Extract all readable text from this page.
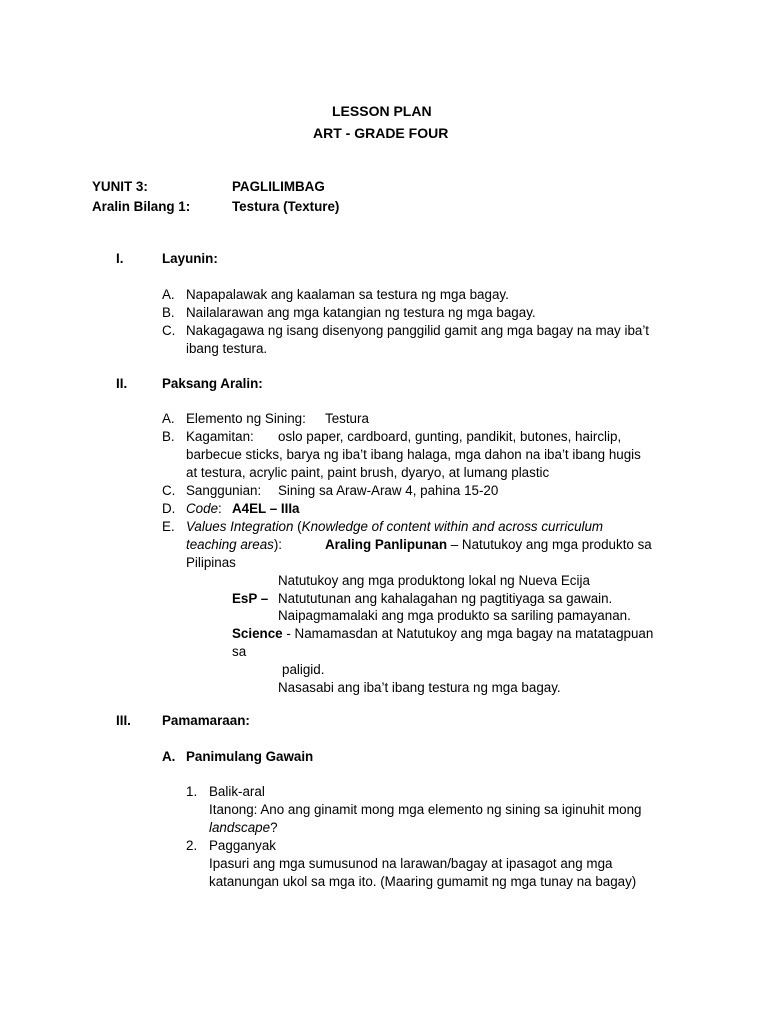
LESSON PLAN
ART - GRADE FOUR
YUNIT 3:	PAGLILIMBAG
Aralin Bilang 1:	Testura (Texture)
I.	Layunin:
A. Napapalawak ang kaalaman sa testura ng mga bagay.
B. Nailalarawan ang mga katangian ng testura ng mga bagay.
C. Nakagagawa ng isang disenyong panggilid gamit ang mga bagay na may iba’t
ibang testura.
II.	Paksang Aralin:
A. Elemento ng Sining: Testura
B. Kagamitan: oslo paper, cardboard, gunting, pandikit, butones, hairclip,
barbecue sticks, barya ng iba’t ibang halaga, mga dahon na iba’t ibang hugis
at testura, acrylic paint, paint brush, dyaryo, at lumang plastic
C. Sanggunian: Sining sa Araw-Araw 4, pahina 15-20
D. Code: A4EL – IIIa
E. Values Integration (Knowledge of content within and across curriculum
teaching areas):	Araling Panlipunan – Natutukoy ang mga produkto sa
Pilipinas
Natutukoy ang mga produktong lokal ng Nueva Ecija
EsP – Natututunan ang kahalagahan ng pagtitiyaga sa gawain.
Naipagmamalaki ang mga produkto sa sariling pamayanan.
Science - Namamasdan at Natutukoy ang mga bagay na matatagpuan
sa
paligid.
Nasasabi ang iba’t ibang testura ng mga bagay.
III. Pamamaraan:
A. Panimulang Gawain
1. Balik-aral
Itanong: Ano ang ginamit mong mga elemento ng sining sa iginuhit mong
landscape?
2. Pagganyak
Ipasuri ang mga sumusunod na larawan/bagay at ipasagot ang mga
katanungan ukol sa mga ito. (Maaring gumamit ng mga tunay na bagay)
